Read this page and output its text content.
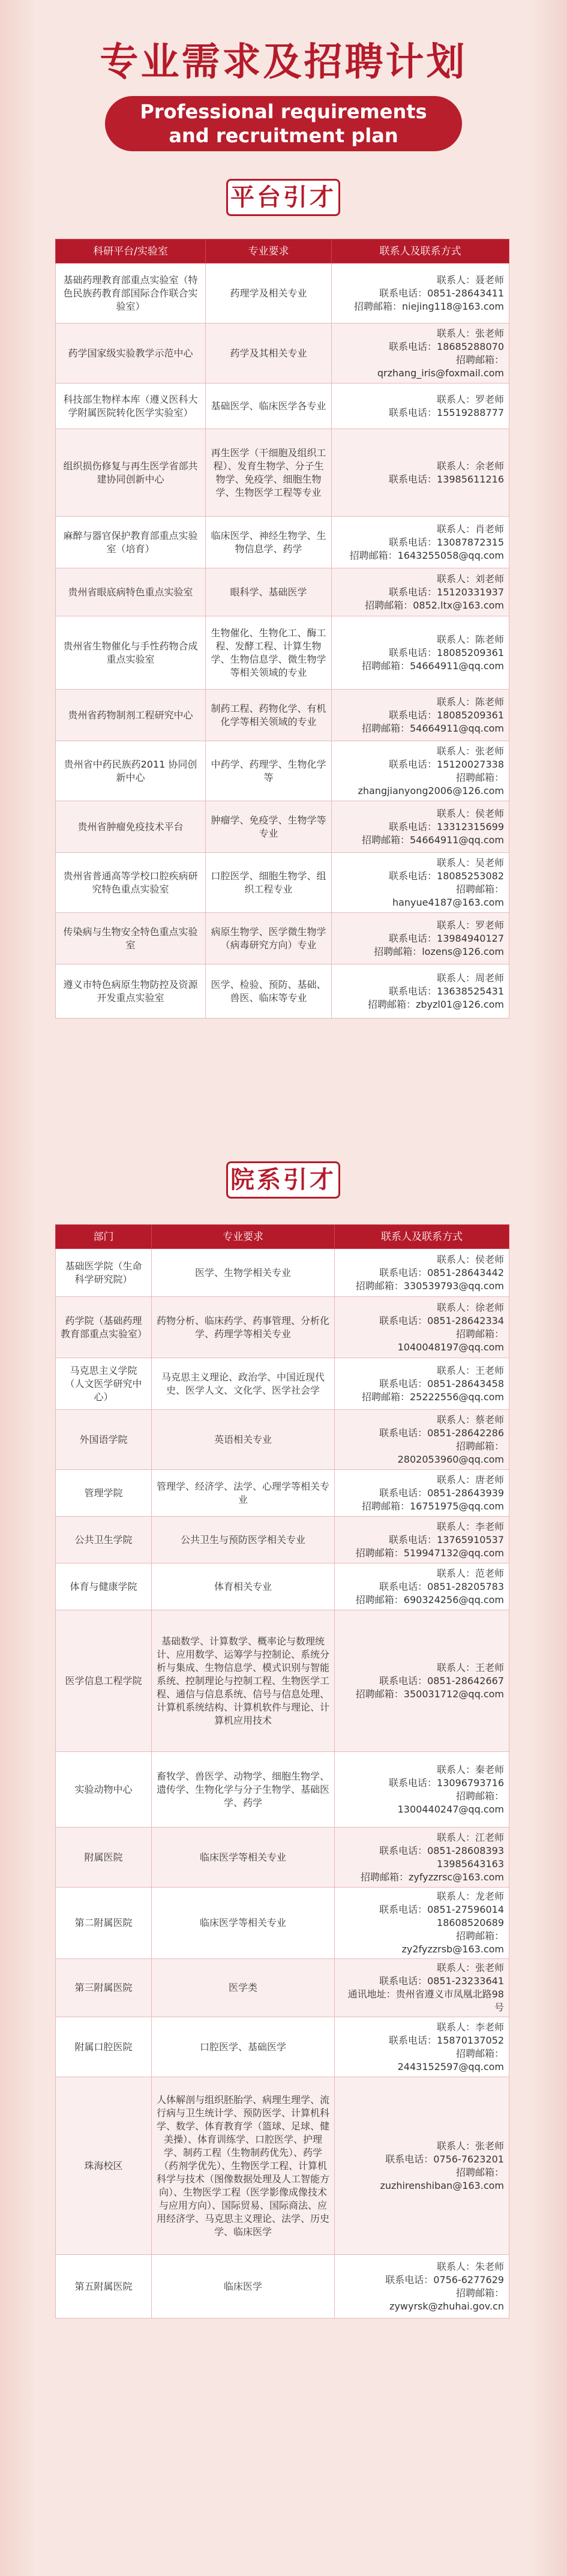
专业需求及招聘计划
Professional requirements
and recruitment plan
平台引才
科研平台/实验室	专业要求	联系人及联系方式
基础药理教育部重点实验室（特色民族药教育部国际合作联合实验室）	药理学及相关专业	联系人：聂老师
联系电话：0851-28643411
招聘邮箱：niejing118@163.com

药学国家级实验教学示范中心	药学及其相关专业	联系人：张老师
联系电话：18685288070
招聘邮箱：
qrzhang_iris@foxmail.com

科技部生物样本库（遵义医科大学附属医院转化医学实验室）	基础医学、临床医学各专业	联系人：罗老师
联系电话：15519288777

组织损伤修复与再生医学省部共建协同创新中心	再生医学（干细胞及组织工程）、发育生物学、分子生物学、免疫学、细胞生物学、生物医学工程等专业	联系人：余老师
联系电话：13985611216

麻醉与器官保护教育部重点实验室（培育）	临床医学、神经生物学、生物信息学、药学	联系人：肖老师
联系电话：13087872315
招聘邮箱：1643255058@qq.com

贵州省眼底病特色重点实验室	眼科学、基础医学	联系人：刘老师
联系电话：15120331937
招聘邮箱：0852.ltx@163.com

贵州省生物催化与手性药物合成重点实验室	生物催化、生物化工、酶工程、发酵工程、计算生物学、生物信息学、微生物学等相关领域的专业	联系人：陈老师
联系电话：18085209361
招聘邮箱：54664911@qq.com

贵州省药物制剂工程研究中心	制药工程、药物化学、有机化学等相关领域的专业	联系人：陈老师
联系电话：18085209361
招聘邮箱：54664911@qq.com

贵州省中药民族药2011 协同创新中心	中药学、药理学、生物化学等	联系人：张老师
联系电话：15120027338
招聘邮箱：
zhangjianyong2006@126.com

贵州省肿瘤免疫技术平台	肿瘤学、免疫学、生物学等专业	联系人：侯老师
联系电话：13312315699
招聘邮箱：54664911@qq.com

贵州省普通高等学校口腔疾病研究特色重点实验室	口腔医学、细胞生物学、组织工程专业	联系人：吴老师
联系电话：18085253082
招聘邮箱：
hanyue4187@163.com

传染病与生物安全特色重点实验室	病原生物学、医学微生物学（病毒研究方向）专业	联系人：罗老师
联系电话：13984940127
招聘邮箱：lozens@126.com

遵义市特色病原生物防控及资源开发重点实验室	医学、检验、预防、基础、兽医、临床等专业	联系人：周老师
联系电话：13638525431
招聘邮箱：zbyzl01@126.com
院系引才
部门	专业要求	联系人及联系方式
基础医学院（生命科学研究院）	医学、生物学相关专业	联系人：侯老师
联系电话：0851-28643442
招聘邮箱：330539793@qq.com

药学院（基础药理教育部重点实验室）	药物分析、临床药学、药事管理、分析化学、药理学等相关专业	联系人：徐老师
联系电话：0851-28642334
招聘邮箱：
1040048197@qq.com

马克思主义学院（人文医学研究中心）	马克思主义理论、政治学、中国近现代史、医学人文、文化学、医学社会学	联系人：王老师
联系电话：0851-28643458
招聘邮箱：25222556@qq.com

外国语学院	英语相关专业	联系人：蔡老师
联系电话：0851-28642286
招聘邮箱：
2802053960@qq.com

管理学院	管理学、经济学、法学、心理学等相关专业	联系人：唐老师
联系电话：0851-28643939
招聘邮箱：16751975@qq.com

公共卫生学院	公共卫生与预防医学相关专业	联系人：李老师
联系电话：13765910537
招聘邮箱：519947132@qq.com

体育与健康学院	体育相关专业	联系人：范老师
联系电话：0851-28205783
招聘邮箱：690324256@qq.com

医学信息工程学院	基础数学、计算数学、概率论与数理统计、应用数学、运筹学与控制论、系统分析与集成、生物信息学、模式识别与智能系统、控制理论与控制工程、生物医学工程、通信与信息系统、信号与信息处理、计算机系统结构、计算机软件与理论、计算机应用技术	联系人：王老师
联系电话：0851-28642667
招聘邮箱：350031712@qq.com

实验动物中心	畜牧学、兽医学、动物学、细胞生物学、遗传学、生物化学与分子生物学、基础医学、药学	联系人：秦老师
联系电话：13096793716
招聘邮箱：
1300440247@qq.com

附属医院	临床医学等相关专业	联系人：江老师
联系电话：0851-28608393
13985643163
招聘邮箱：zyfyzzrsc@163.com

第二附属医院	临床医学等相关专业	联系人：龙老师
联系电话：0851-27596014
18608520689
招聘邮箱：
zy2fyzzrsb@163.com

第三附属医院	医学类	联系人：张老师
联系电话：0851-23233641
通讯地址：贵州省遵义市凤凰北路98号

附属口腔医院	口腔医学、基础医学	联系人：李老师
联系电话：15870137052
招聘邮箱：
2443152597@qq.com

珠海校区	人体解剖与组织胚胎学、病理生理学、流行病与卫生统计学、预防医学、计算机科学、数学、体育教育学（篮球、足球、健美操）、体育训练学、口腔医学、护理学、制药工程（生物制药优先）、药学（药剂学优先）、生物医学工程、计算机科学与技术（图像数据处理及人工智能方向）、生物医学工程（医学影像成像技术与应用方向）、国际贸易、国际商法、应用经济学、马克思主义理论、法学、历史学、临床医学	联系人：张老师
联系电话：0756-7623201
招聘邮箱：
zuzhirenshiban@163.com

第五附属医院	临床医学	联系人：朱老师
联系电话：0756-6277629
招聘邮箱：
zywyrsk@zhuhai.gov.cn
